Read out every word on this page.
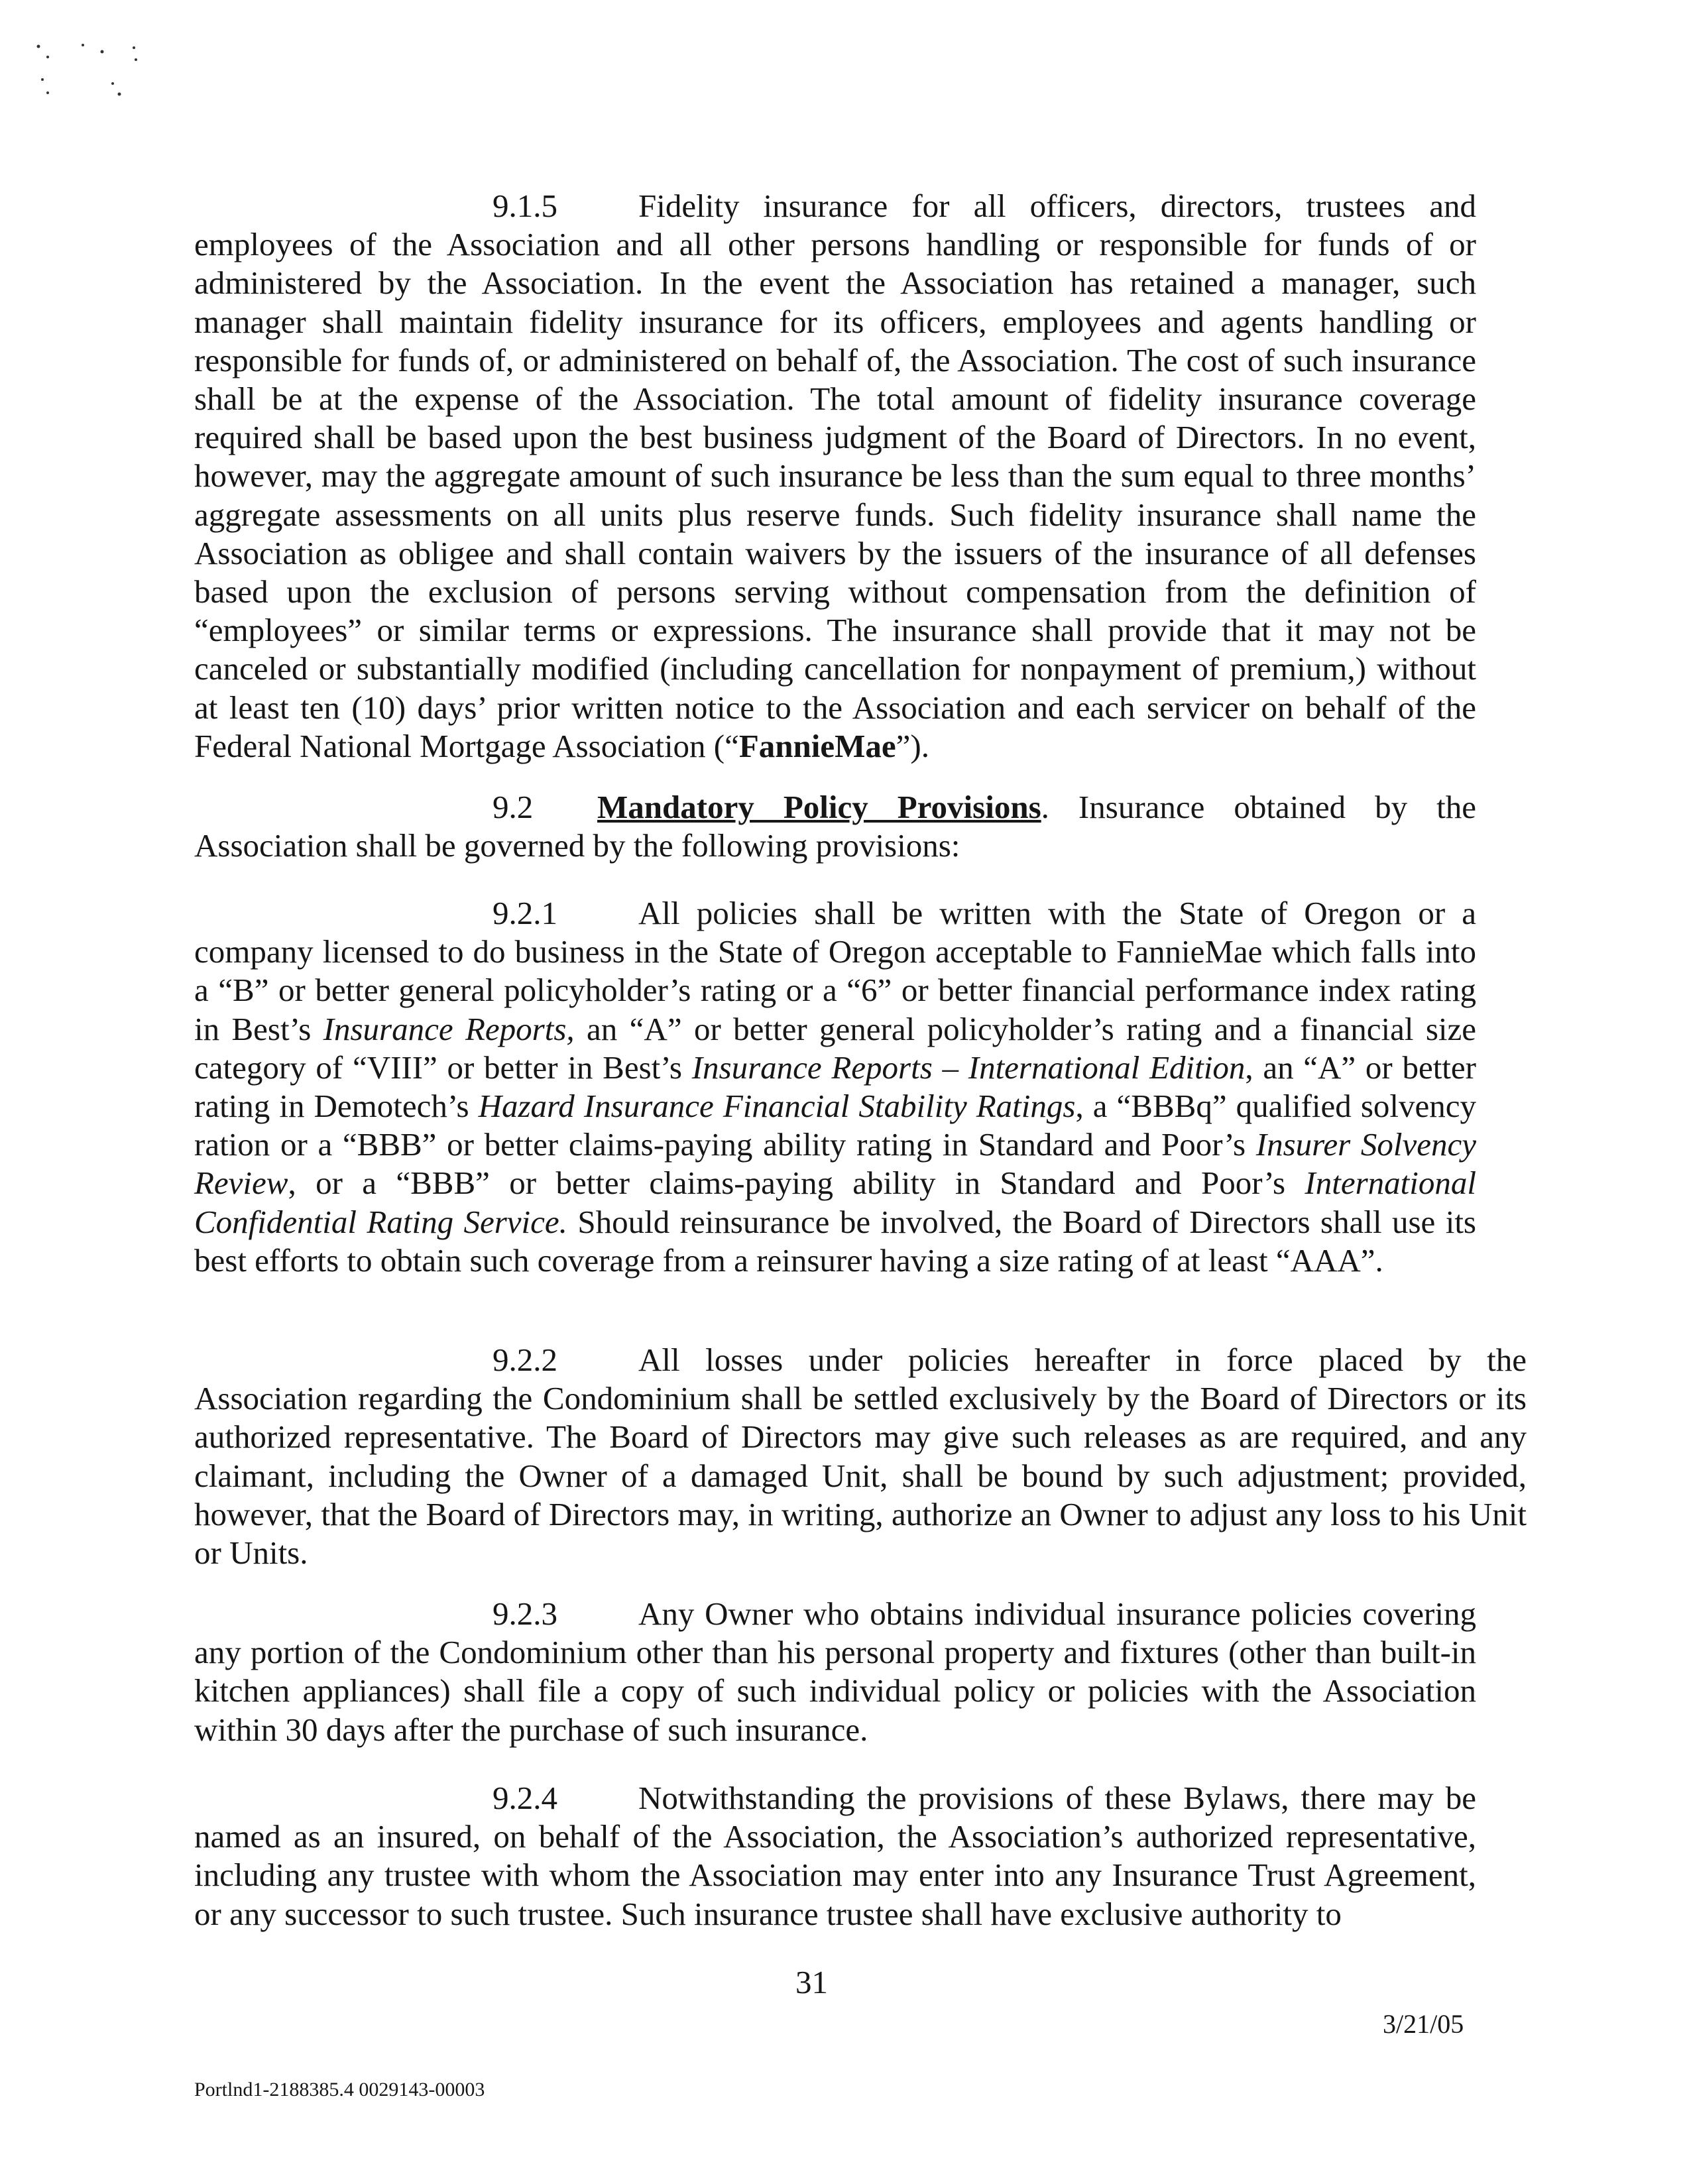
9.1.5 Fidelity insurance for all officers, directors, trustees and employees of the Association and all other persons handling or responsible for funds of or administered by the Association. In the event the Association has retained a manager, such manager shall maintain fidelity insurance for its officers, employees and agents handling or responsible for funds of, or administered on behalf of, the Association. The cost of such insurance shall be at the expense of the Association. The total amount of fidelity insurance coverage required shall be based upon the best business judgment of the Board of Directors. In no event, however, may the aggregate amount of such insurance be less than the sum equal to three months’ aggregate assessments on all units plus reserve funds. Such fidelity insurance shall name the Association as obligee and shall contain waivers by the issuers of the insurance of all defenses based upon the exclusion of persons serving without compensation from the definition of “employees” or similar terms or expressions. The insurance shall provide that it may not be canceled or substantially modified (including cancellation for nonpayment of premium,) without at least ten (10) days’ prior written notice to the Association and each servicer on behalf of the Federal National Mortgage Association (“FannieMae”).

9.2 Mandatory Policy Provisions. Insurance obtained by the Association shall be governed by the following provisions:

9.2.1 All policies shall be written with the State of Oregon or a company licensed to do business in the State of Oregon acceptable to FannieMae which falls into a “B” or better general policyholder’s rating or a “6” or better financial performance index rating in Best’s Insurance Reports, an “A” or better general policyholder’s rating and a financial size category of “VIII” or better in Best’s Insurance Reports – International Edition, an “A” or better rating in Demotech’s Hazard Insurance Financial Stability Ratings, a “BBBq” qualified solvency ration or a “BBB” or better claims-paying ability rating in Standard and Poor’s Insurer Solvency Review, or a “BBB” or better claims-paying ability in Standard and Poor’s International Confidential Rating Service. Should reinsurance be involved, the Board of Directors shall use its best efforts to obtain such coverage from a reinsurer having a size rating of at least “AAA”.

9.2.2 All losses under policies hereafter in force placed by the Association regarding the Condominium shall be settled exclusively by the Board of Directors or its authorized representative. The Board of Directors may give such releases as are required, and any claimant, including the Owner of a damaged Unit, shall be bound by such adjustment; provided, however, that the Board of Directors may, in writing, authorize an Owner to adjust any loss to his Unit or Units.

9.2.3 Any Owner who obtains individual insurance policies covering any portion of the Condominium other than his personal property and fixtures (other than built-in kitchen appliances) shall file a copy of such individual policy or policies with the Association within 30 days after the purchase of such insurance.

9.2.4 Notwithstanding the provisions of these Bylaws, there may be named as an insured, on behalf of the Association, the Association’s authorized representative, including any trustee with whom the Association may enter into any Insurance Trust Agreement, or any successor to such trustee. Such insurance trustee shall have exclusive authority to

31
3/21/05
Portlnd1-2188385.4 0029143-00003
